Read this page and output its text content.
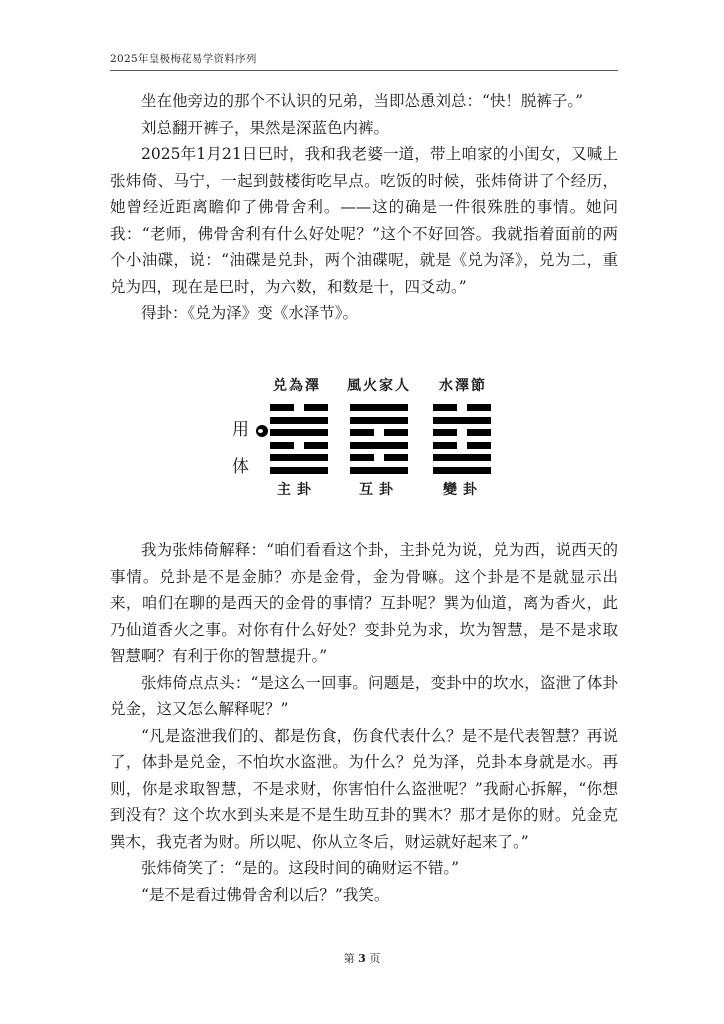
2025年皇极梅花易学资料序列

坐在他旁边的那个不认识的兄弟，当即怂恿刘总：“快！脱裤子。”

刘总翻开裤子，果然是深蓝色内裤。

2025年1月21日巳时，我和我老婆一道，带上咱家的小闺女，又喊上张炜倚、马宁，一起到鼓楼街吃早点。吃饭的时候，张炜倚讲了个经历，她曾经近距离瞻仰了佛骨舍利。——这的确是一件很殊胜的事情。她问我：“老师，佛骨舍利有什么好处呢？”这个不好回答。我就指着面前的两个小油碟，说：“油碟是兑卦，两个油碟呢，就是《兑为泽》，兑为二，重兑为四，现在是巳时，为六数，和数是十，四爻动。”

得卦：《兑为泽》变《水泽节》。

用
体
兑為澤	風火家人	水澤節
主卦	互卦	變卦

我为张炜倚解释：“咱们看看这个卦，主卦兑为说，兑为西，说西天的事情。兑卦是不是金肺？亦是金骨，金为骨嘛。这个卦是不是就显示出来，咱们在聊的是西天的金骨的事情？互卦呢？巽为仙道，离为香火，此乃仙道香火之事。对你有什么好处？变卦兑为求，坎为智慧，是不是求取智慧啊？有利于你的智慧提升。”

张炜倚点点头：“是这么一回事。问题是，变卦中的坎水，盗泄了体卦兑金，这又怎么解释呢？”

“凡是盗泄我们的、都是伤食，伤食代表什么？是不是代表智慧？再说了，体卦是兑金，不怕坎水盗泄。为什么？兑为泽，兑卦本身就是水。再则，你是求取智慧，不是求财，你害怕什么盗泄呢？”我耐心拆解，“你想到没有？这个坎水到头来是不是生助互卦的巽木？那才是你的财。兑金克巽木，我克者为财。所以呢、你从立冬后，财运就好起来了。”

张炜倚笑了：“是的。这段时间的确财运不错。”

“是不是看过佛骨舍利以后？”我笑。

第 3 页
